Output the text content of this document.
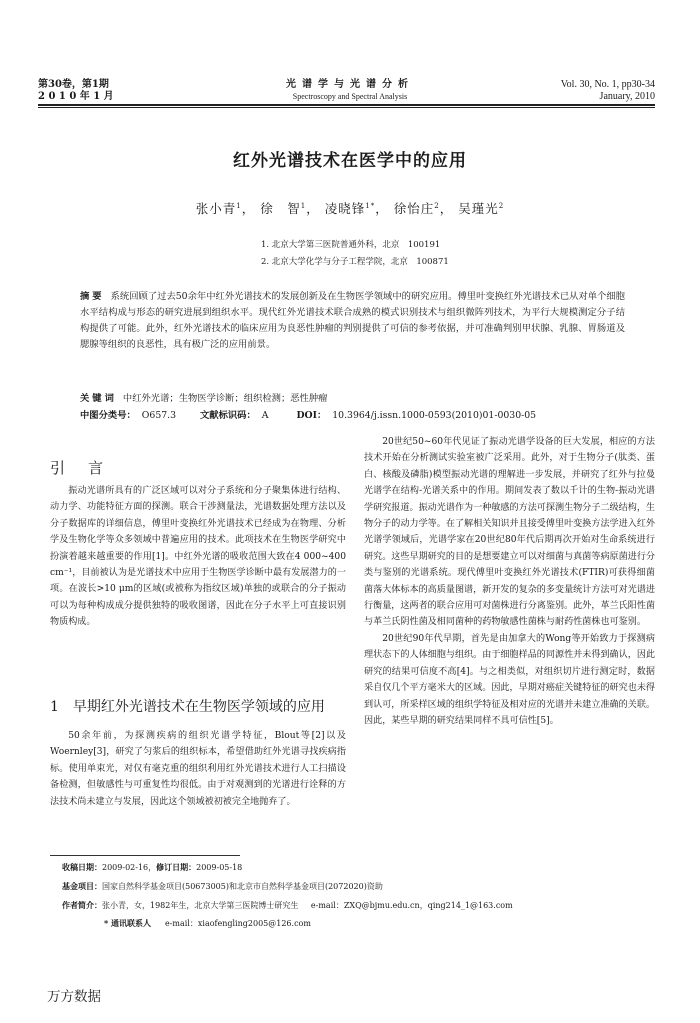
第30卷，第1期
2 0 1 0 年 1 月
光谱学与光谱分析
Spectroscopy and Spectral Analysis
Vol. 30, No. 1, pp30-34
January, 2010
红外光谱技术在医学中的应用
张小青$^1$， 徐　智$^1$， 凌晓锋$^{1*}$， 徐怡庄$^2$， 吴瑾光$^2$
1. 北京大学第三医院普通外科，北京　100191
2. 北京大学化学与分子工程学院，北京　100871
摘要 系统回顾了过去50余年中红外光谱技术的发展创新及在生物医学领域中的研究应用。傅里叶变换红外光谱技术已从对单个细胞水平结构成与形态的研究进展到组织水平。现代红外光谱技术联合成熟的模式识别技术与组织微阵列技术，为平行大规模测定分子结构提供了可能。此外，红外光谱技术的临床应用为良恶性肿瘤的判别提供了可信的参考依据，并可准确判别甲状腺、乳腺、胃肠道及腮腺等组织的良恶性，具有极广泛的应用前景。
关键词 中红外光谱；生物医学诊断；组织检测；恶性肿瘤
中图分类号： O657.3	文献标识码： A	DOI： 10.3964/j.issn.1000-0593(2010)01-0030-05
引　言

振动光谱所具有的广泛区域可以对分子系统和分子聚集体进行结构、动力学、功能特征方面的探测。联合干涉测量法，光谱数据处理方法以及分子数据库的详细信息，傅里叶变换红外光谱技术已经成为在物理、分析学及生物化学等众多领域中普遍应用的技术。此项技术在生物医学研究中扮演着越来越重要的作用[1]。中红外光谱的吸收范围大致在4 000~400 cm⁻¹，目前被认为是光谱技术中应用于生物医学诊断中最有发展潜力的一项。在波长>10 μm的区域(或被称为指纹区域)单独的或联合的分子振动可以为每种构成成分提供独特的吸收图谱，因此在分子水平上可直接识别物质构成。

1　早期红外光谱技术在生物医学领域的应用

50余年前，为探测疾病的组织光谱学特征，Blout等[2]以及Woernley[3]，研究了匀浆后的组织标本，希望借助红外光谱寻找疾病指标。使用单束光，对仅有毫克重的组织利用红外光谱技术进行人工扫描设备检测，但敏感性与可重复性均很低。由于对观测到的光谱进行诠释的方法技术尚未建立与发展，因此这个领域被初被完全地抛弃了。

20世纪50~60年代见证了振动光谱学设备的巨大发展，相应的方法技术开始在分析测试实验室被广泛采用。此外，对于生物分子(肽类、蛋白、核酸及磷脂)模型振动光谱的理解进一步发展，并研究了红外与拉曼光谱学在结构-光谱关系中的作用。期间发表了数以千计的生物-振动光谱学研究报道。振动光谱作为一种敏感的方法可探测生物分子二级结构，生物分子的动力学等。在了解相关知识并且接受傅里叶变换方法学进入红外光谱学领域后，光谱学家在20世纪80年代后期再次开始对生命系统进行研究。这些早期研究的目的是想要建立可以对细菌与真菌等病原菌进行分类与鉴别的光谱系统。现代傅里叶变换红外光谱技术(FTIR)可获得细菌菌落大体标本的高质量图谱，新开发的复杂的多变量统计方法可对光谱进行衡量，这两者的联合应用可对菌株进行分离鉴别。此外，革兰氏阳性菌与革兰氏阴性菌及相同菌种的药物敏感性菌株与耐药性菌株也可鉴别。

20世纪90年代早期，首先是由加拿大的Wong等开始致力于探测病理状态下的人体细胞与组织。由于细胞样品的同源性并未得到确认，因此研究的结果可信度不高[4]。与之相类似，对组织切片进行测定时，数据采自仅几个平方毫米大的区域。因此，早期对癌症关键特征的研究也未得到认可，所采样区域的组织学特征及相对应的光谱并未建立准确的关联。因此，某些早期的研究结果同样不具可信性[5]。

收稿日期：2009-02-16，修订日期：2009-05-18
基金项目：国家自然科学基金项目(50673005)和北京市自然科学基金项目(2072020)资助
作者简介：张小青，女，1982年生，北京大学第三医院博士研究生 e-mail：ZXQ@bjmu.edu.cn，qing214_1@163.com
* 通讯联系人 e-mail：xiaofengling2005@126.com
万方数据
